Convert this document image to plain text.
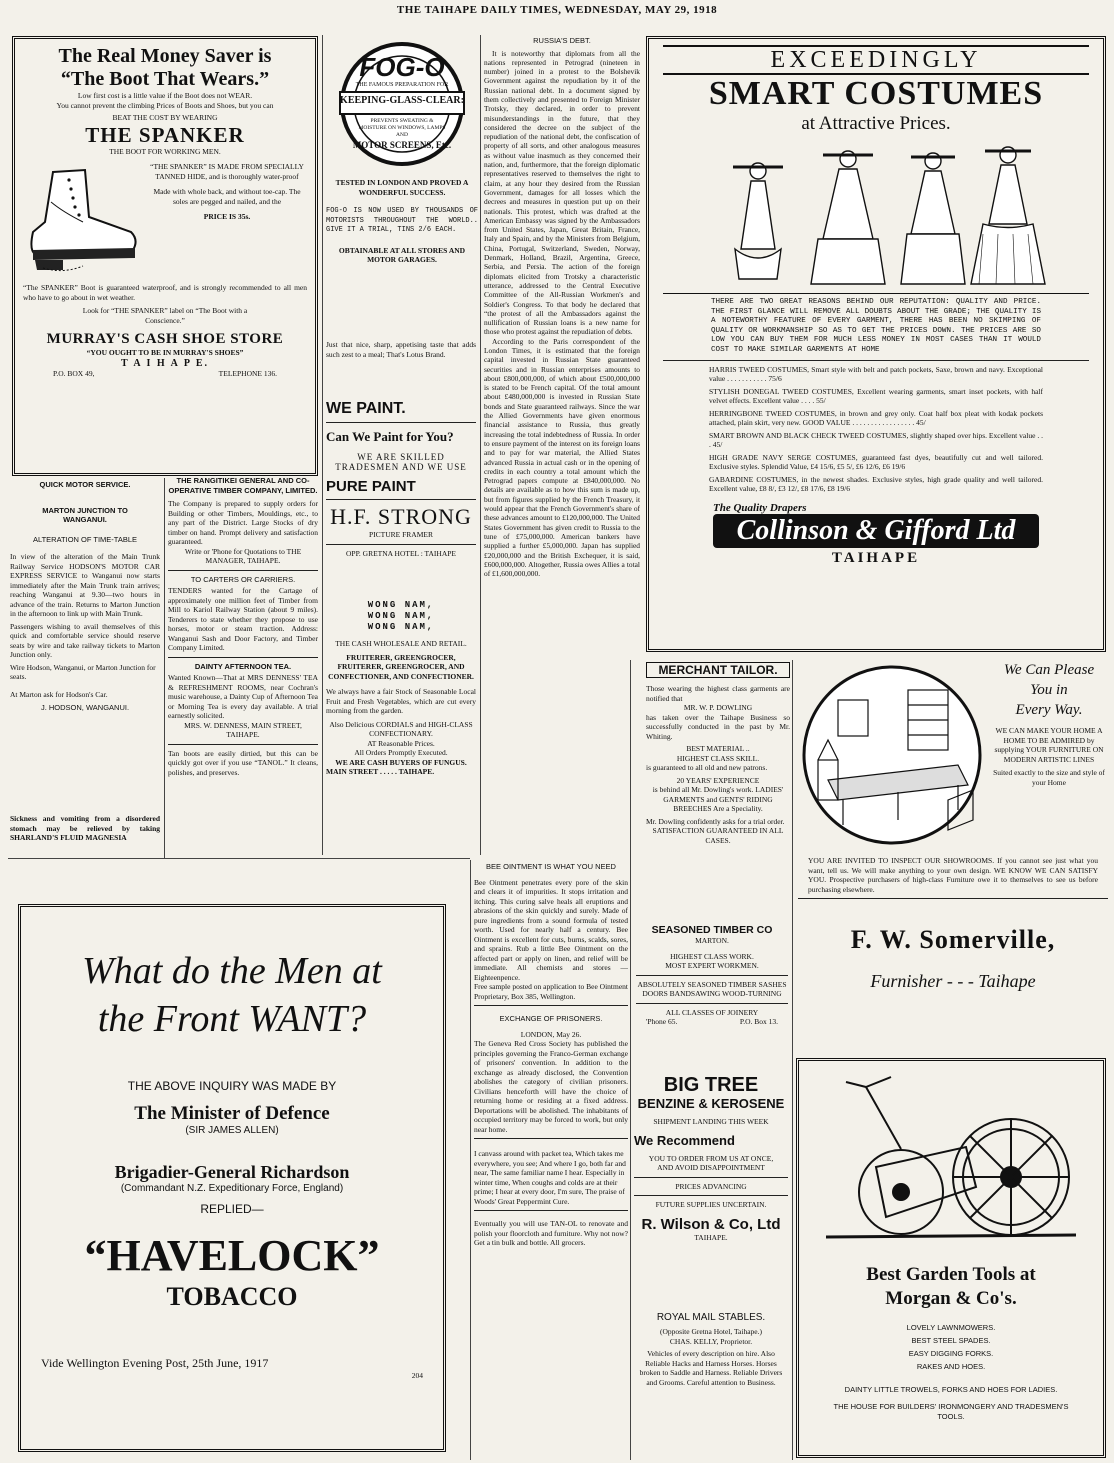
THE TAIHAPE DAILY TIMES, WEDNESDAY, MAY 29, 1918
The Real Money Saver is
“The Boot That Wears.”
Low first cost is a little value if the Boot does not WEAR.
You cannot prevent the climbing Prices of Boots and Shoes, but you can
BEAT THE COST BY WEARING
THE SPANKER
THE BOOT FOR WORKING MEN.
“THE SPANKER” IS MADE FROM SPECIALLY TANNED HIDE, and is thoroughly water-proof
Made with whole back, and without toe-cap. The soles are pegged and nailed, and the
PRICE IS 35s.
“The SPANKER” Boot is guaranteed waterproof, and is strongly recommended to all men who have to go about in wet weather.
Look for “THE SPANKER” label on “The Boot with a Conscience.”
MURRAY'S CASH SHOE STORE
“YOU OUGHT TO BE IN MURRAY'S SHOES”
T A I H A P E.
P.O. BOX 49,	TELEPHONE 136.
FOG-O
THE FAMOUS PREPARATION FOR
KEEPING-GLASS-CLEAR:
PREVENTS SWEATING & MOISTURE ON WINDOWS, LAMPS AND
MOTOR SCREENS, Etc.
TESTED IN LONDON AND PROVED A WONDERFUL SUCCESS.
FOG-O IS NOW USED BY THOUSANDS OF MOTORISTS THROUGHOUT THE WORLD.. GIVE IT A TRIAL, TINS 2/6 EACH.
OBTAINABLE AT ALL STORES AND MOTOR GARAGES.
Just that nice, sharp, appetising taste that adds such zest to a meal; That's Lotus Brand.
WE PAINT.
Can We Paint for You?
WE ARE SKILLED TRADESMEN AND WE USE
PURE PAINT
H.F. STRONG
PICTURE FRAMER
OPP. GRETNA HOTEL : TAIHAPE
WONG NAM,
WONG NAM,
WONG NAM,
THE CASH WHOLESALE AND RETAIL.
FRUITERER, GREENGROCER, FRUITERER, GREENGROCER, AND CONFECTIONER, AND CONFECTIONER.
We always have a fair Stock of Seasonable Local Fruit and Fresh Vegetables, which are cut every morning from the garden.
Also Delicious CORDIALS and HIGH-CLASS CONFECTIONARY.
AT Reasonable Prices.
All Orders Promptly Executed.
WE ARE CASH BUYERS OF FUNGUS.
MAIN STREET . . . . . TAIHAPE.
QUICK MOTOR SERVICE.
MARTON JUNCTION TO WANGANUI.
ALTERATION OF TIME-TABLE
In view of the alteration of the Main Trunk Railway Service HODSON'S MOTOR CAR EXPRESS SERVICE to Wanganui now starts immediately after the Main Trunk train arrives; reaching Wanganui at 9.30—two hours in advance of the train. Returns to Marton Junction in the afternoon to link up with Main Trunk.
Passengers wishing to avail themselves of this quick and comfortable service should reserve seats by wire and take railway tickets to Marton Junction only.
Wire Hodson, Wanganui, or Marton Junction for seats.
At Marton ask for Hodson's Car.
J. HODSON, WANGANUI.
Sickness and vomiting from a disordered stomach may be relieved by taking SHARLAND'S FLUID MAGNESIA
THE RANGITIKEI GENERAL AND CO-OPERATIVE TIMBER COMPANY, LIMITED.
The Company is prepared to supply orders for Building or other Timbers, Mouldings, etc., to any part of the District. Large Stocks of dry timber on hand. Prompt delivery and satisfaction guaranteed.
Write or 'Phone for Quotations to THE MANAGER, TAIHAPE.
TO CARTERS OR CARRIERS.
TENDERS wanted for the Cartage of approximately one million feet of Timber from Mill to Kariol Railway Station (about 9 miles). Tenderers to state whether they propose to use horses, motor or steam traction. Address: Wanganui Sash and Door Factory, and Timber Company Limited.
DAINTY AFTERNOON TEA.
Wanted Known—That at MRS DENNESS' TEA & REFRESHMENT ROOMS, near Cochran's music warehouse, a Dainty Cup of Afternoon Tea or Morning Tea is every day available. A trial earnestly solicited.
MRS. W. DENNESS, MAIN STREET, TAIHAPE.
Tan boots are easily dirtied, but this can be quickly got over if you use “TANOL.” It cleans, polishes, and preserves.
RUSSIA'S DEBT.
It is noteworthy that diplomats from all the nations represented in Petrograd (nineteen in number) joined in a protest to the Bolshevik Government against the repudiation by it of the Russian national debt. In a document signed by them collectively and presented to Foreign Minister Trotsky, they declared, in order to prevent misunderstandings in the future, that they considered the decree on the subject of the repudiation of the national debt, the confiscation of property of all sorts, and other analogous measures as without value inasmuch as they concerned their nation, and, furthermore, that the foreign diplomatic representatives reserved to themselves the right to claim, at any hour they desired from the Russian Government, damages for all losses which the decrees and measures in question put up on their nationals. This protest, which was drafted at the American Embassy was signed by the Ambassadors from United States, Japan, Great Britain, France, Italy and Spain, and by the Ministers from Belgium, China, Portugal, Switzerland, Sweden, Norway, Denmark, Holland, Brazil, Argentina, Greece, Serbia, and Persia. The action of the foreign diplomats elicited from Trotsky a characteristic utterance, addressed to the Central Executive Committee of the All-Russian Workmen's and Soldier's Congress. To that body he declared that “the protest of all the Ambassadors against the nullification of Russian loans is a new name for those who protest against the repudiation of debts.
According to the Paris correspondent of the London Times, it is estimated that the foreign capital invested in Russian State guaranteed securities and in Russian enterprises amounts to about £800,000,000, of which about £500,000,000 is stated to be French capital. Of the total amount about £480,000,000 is invested in Russian State bonds and State guaranteed railways. Since the war the Allied Governments have given enormous financial assistance to Russia, thus greatly increasing the total indebtedness of Russia. In order to ensure payment of the interest on its foreign loans and to pay for war material, the Allied States advanced Russia in actual cash or in the opening of credits in each country a total amount which the Petrograd papers compute at £840,000,000. No details are available as to how this sum is made up, but from figures supplied by the French Treasury, it would appear that the French Government's share of these advances amount to £120,000,000. The United States Government has given credit to Russia to the tune of £75,000,000. American bankers have supplied a further £5,000,000. Japan has supplied £20,000,000 and the British Exchequer, it is said, £600,000,000. Altogether, Russia owes Allies a total of £1,600,000,000.
EXCEEDINGLY
SMART COSTUMES
at Attractive Prices.
THERE ARE TWO GREAT REASONS BEHIND OUR REPUTATION: QUALITY AND PRICE. THE FIRST GLANCE WILL REMOVE ALL DOUBTS ABOUT THE GRADE; THE QUALITY IS A NOTEWORTHY FEATURE OF EVERY GARMENT, THERE HAS BEEN NO SKIMPING OF QUALITY OR WORKMANSHIP SO AS TO GET THE PRICES DOWN. THE PRICES ARE SO LOW YOU CAN BUY THEM FOR MUCH LESS MONEY IN MOST CASES THAN IT WOULD COST TO MAKE SIMILAR GARMENTS AT HOME
HARRIS TWEED COSTUMES, Smart style with belt and patch pockets, Saxe, brown and navy. Exceptional value . . . . . . . . . . . 75/6
STYLISH DONEGAL TWEED COSTUMES, Excellent wearing garments, smart inset pockets, with half velvet effects. Excellent value . . . . 55/
HERRINGBONE TWEED COSTUMES, in brown and grey only. Coat half box pleat with kodak pockets attached, plain skirt, very new. GOOD VALUE . . . . . . . . . . . . . . . . . 45/
SMART BROWN AND BLACK CHECK TWEED COSTUMES, slightly shaped over hips. Excellent value . . . 45/
HIGH GRADE NAVY SERGE COSTUMES, guaranteed fast dyes, beautifully cut and well tailored. Exclusive styles. Splendid Value, £4 15/6, £5 5/, £6 12/6, £6 19/6
GABARDINE COSTUMES, in the newest shades. Exclusive styles, high grade quality and well tailored. Excellent value, £8 8/, £3 12/, £8 17/6, £8 19/6
The Quality Drapers
Collinson & Gifford Ltd
TAIHAPE
MERCHANT TAILOR.
Those wearing the highest class garments are notified that
MR. W. P. DOWLING
has taken over the Taihape Business so successfully conducted in the past by Mr. Whiting.
BEST MATERIAL ..
HIGHEST CLASS SKILL.
is guaranteed to all old and new patrons.
20 YEARS' EXPERIENCE
is behind all Mr. Dowling's work. LADIES' GARMENTS and GENTS' RIDING BREECHES Are a Speciality.
Mr. Dowling confidently asks for a trial order.
SATISFACTION GUARANTEED IN ALL CASES.
SEASONED TIMBER CO
MARTON.
HIGHEST CLASS WORK.
MOST EXPERT WORKMEN.
ABSOLUTELY SEASONED TIMBER SASHES DOORS BANDSAWING WOOD-TURNING
ALL CLASSES OF JOINERY
'Phone 65.	P.O. Box 13.
BIG TREE
BENZINE & KEROSENE
SHIPMENT LANDING THIS WEEK
We Recommend
YOU TO ORDER FROM US AT ONCE, AND AVOID DISAPPOINTMENT
PRICES ADVANCING
FUTURE SUPPLIES UNCERTAIN.
R. Wilson & Co, Ltd
TAIHAPE.
ROYAL MAIL STABLES.
(Opposite Gretna Hotel, Taihape.)
CHAS. KELLY, Proprietor.
Vehicles of every description on hire. Also Reliable Hacks and Harness Horses. Horses broken to Saddle and Harness. Reliable Drivers and Grooms. Careful attention to Business.
We Can Please
You in
Every Way.
WE CAN MAKE YOUR HOME A HOME TO BE ADMIRED by supplying YOUR FURNITURE ON MODERN ARTISTIC LINES
Suited exactly to the size and style of your Home
YOU ARE INVITED TO INSPECT OUR SHOWROOMS. If you cannot see just what you want, tell us. We will make anything to your own design. WE KNOW WE CAN SATISFY YOU. Prospective purchasers of high-class Furniture owe it to themselves to see us before purchasing elsewhere.
F. W. Somerville,
Furnisher - - - Taihape
Best Garden Tools at
Morgan & Co's.
LOVELY LAWNMOWERS.
BEST STEEL SPADES.
EASY DIGGING FORKS.
RAKES AND HOES.
DAINTY LITTLE TROWELS, FORKS AND HOES FOR LADIES.
THE HOUSE FOR BUILDERS' IRONMONGERY AND TRADESMEN'S TOOLS.
What do the Men at
the Front WANT?
THE ABOVE INQUIRY WAS MADE BY
The Minister of Defence
(SIR JAMES ALLEN)
Brigadier-General Richardson
(Commandant N.Z. Expeditionary Force, England)
REPLIED—
“HAVELOCK”
TOBACCO
Vide Wellington Evening Post, 25th June, 1917
204
BEE OINTMENT IS WHAT YOU NEED
Bee Ointment penetrates every pore of the skin and clears it of impurities. It stops irritation and itching. This curing salve heals all eruptions and abrasions of the skin quickly and surely. Made of pure ingredients from a sound formula of tested worth. Used for nearly half a century. Bee Ointment is excellent for cuts, burns, scalds, sores, and sprains. Rub a little Bee Ointment on the affected part or apply on linen, and relief will be immediate. All chemists and stores —Eighteenpence.
Free sample posted on application to Bee Ointment Proprietary, Box 385, Wellington.
EXCHANGE OF PRISONERS.
LONDON, May 26.
The Geneva Red Cross Society has published the principles governing the Franco-German exchange of prisoners' convention. In addition to the exchange as already disclosed, the Convention abolishes the category of civilian prisoners. Civilians henceforth will have the choice of returning home or residing at a fixed address. Deportations will be abolished. The inhabitants of occupied territory may be forced to work, but only near home.
I canvass around with packet tea, Which takes me everywhere, you see; And where I go, both far and near, The same familiar name I hear. Especially in winter time, When coughs and colds are at their prime; I hear at every door, I'm sure, The praise of Woods' Great Peppermint Cure.
Eventually you will use TAN-OL to renovate and polish your floorcloth and furniture. Why not now? Get a tin bulk and bottle. All grocers.
